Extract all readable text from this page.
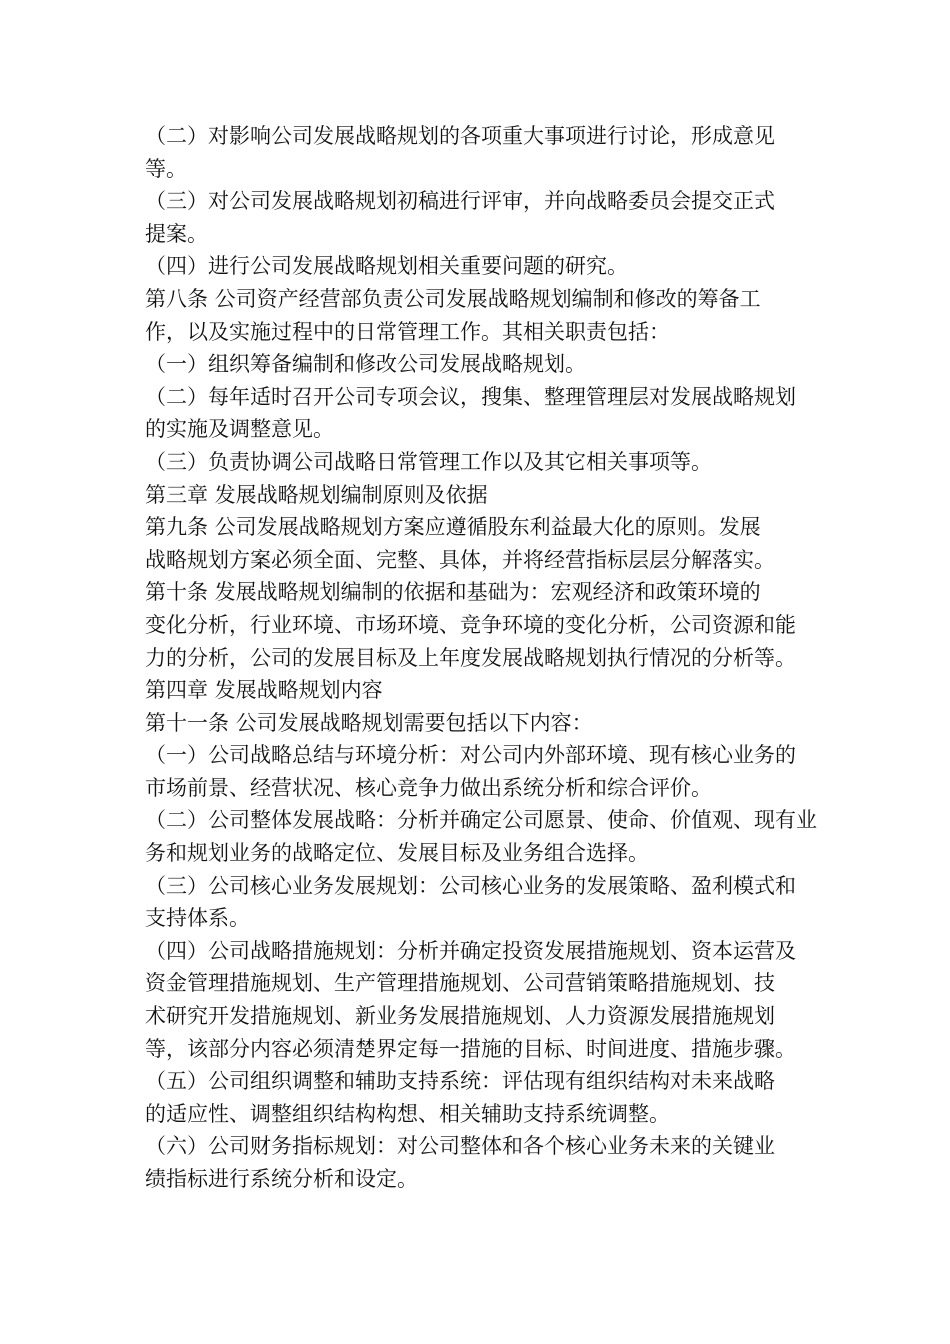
（二）对影响公司发展战略规划的各项重大事项进行讨论，形成意见
等。
（三）对公司发展战略规划初稿进行评审，并向战略委员会提交正式
提案。
（四）进行公司发展战略规划相关重要问题的研究。
第八条 公司资产经营部负责公司发展战略规划编制和修改的筹备工
作，以及实施过程中的日常管理工作。其相关职责包括：
（一）组织筹备编制和修改公司发展战略规划。
（二）每年适时召开公司专项会议，搜集、整理管理层对发展战略规划
的实施及调整意见。
（三）负责协调公司战略日常管理工作以及其它相关事项等。
第三章 发展战略规划编制原则及依据
第九条 公司发展战略规划方案应遵循股东利益最大化的原则。发展
战略规划方案必须全面、完整、具体，并将经营指标层层分解落实。
第十条 发展战略规划编制的依据和基础为：宏观经济和政策环境的
变化分析，行业环境、市场环境、竞争环境的变化分析，公司资源和能
力的分析，公司的发展目标及上年度发展战略规划执行情况的分析等。
第四章 发展战略规划内容
第十一条 公司发展战略规划需要包括以下内容：
（一）公司战略总结与环境分析：对公司内外部环境、现有核心业务的
市场前景、经营状况、核心竞争力做出系统分析和综合评价。
（二）公司整体发展战略：分析并确定公司愿景、使命、价值观、现有业
务和规划业务的战略定位、发展目标及业务组合选择。
（三）公司核心业务发展规划：公司核心业务的发展策略、盈利模式和
支持体系。
（四）公司战略措施规划：分析并确定投资发展措施规划、资本运营及
资金管理措施规划、生产管理措施规划、公司营销策略措施规划、技
术研究开发措施规划、新业务发展措施规划、人力资源发展措施规划
等，该部分内容必须清楚界定每一措施的目标、时间进度、措施步骤。
（五）公司组织调整和辅助支持系统：评估现有组织结构对未来战略
的适应性、调整组织结构构想、相关辅助支持系统调整。
（六）公司财务指标规划：对公司整体和各个核心业务未来的关键业
绩指标进行系统分析和设定。
